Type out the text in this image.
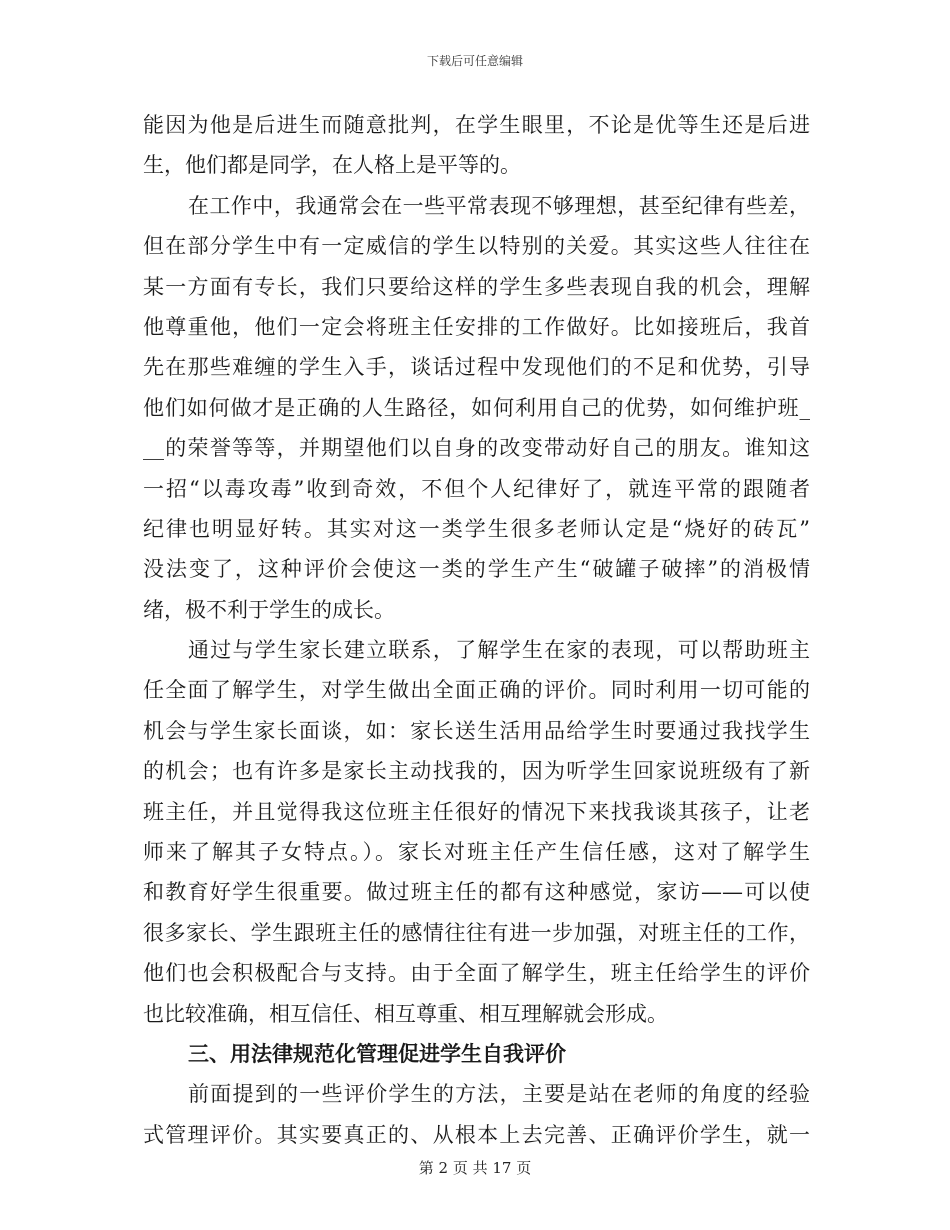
下载后可任意编辑
能因为他是后进生而随意批判，在学生眼里，不论是优等生还是后进
生，他们都是同学，在人格上是平等的。
在工作中，我通常会在一些平常表现不够理想，甚至纪律有些差，
但在部分学生中有一定威信的学生以特别的关爱。其实这些人往往在
某一方面有专长，我们只要给这样的学生多些表现自我的机会，理解
他尊重他，他们一定会将班主任安排的工作做好。比如接班后，我首
先在那些难缠的学生入手，谈话过程中发现他们的不足和优势，引导
他们如何做才是正确的人生路径，如何利用自己的优势，如何维护班_
__的荣誉等等，并期望他们以自身的改变带动好自己的朋友。谁知这
一招“以毒攻毒”收到奇效，不但个人纪律好了，就连平常的跟随者
纪律也明显好转。其实对这一类学生很多老师认定是“烧好的砖瓦”
没法变了，这种评价会使这一类的学生产生“破罐子破摔”的消极情
绪，极不利于学生的成长。
通过与学生家长建立联系，了解学生在家的表现，可以帮助班主
任全面了解学生，对学生做出全面正确的评价。同时利用一切可能的
机会与学生家长面谈，如：家长送生活用品给学生时要通过我找学生
的机会；也有许多是家长主动找我的，因为听学生回家说班级有了新
班主任，并且觉得我这位班主任很好的情况下来找我谈其孩子，让老
师来了解其子女特点。）。家长对班主任产生信任感，这对了解学生
和教育好学生很重要。做过班主任的都有这种感觉，家访——可以使
很多家长、学生跟班主任的感情往往有进一步加强，对班主任的工作，
他们也会积极配合与支持。由于全面了解学生，班主任给学生的评价
也比较准确，相互信任、相互尊重、相互理解就会形成。
三、用法律规范化管理促进学生自我评价
前面提到的一些评价学生的方法，主要是站在老师的角度的经验
式管理评价。其实要真正的、从根本上去完善、正确评价学生，就一
第 2 页 共 17 页
